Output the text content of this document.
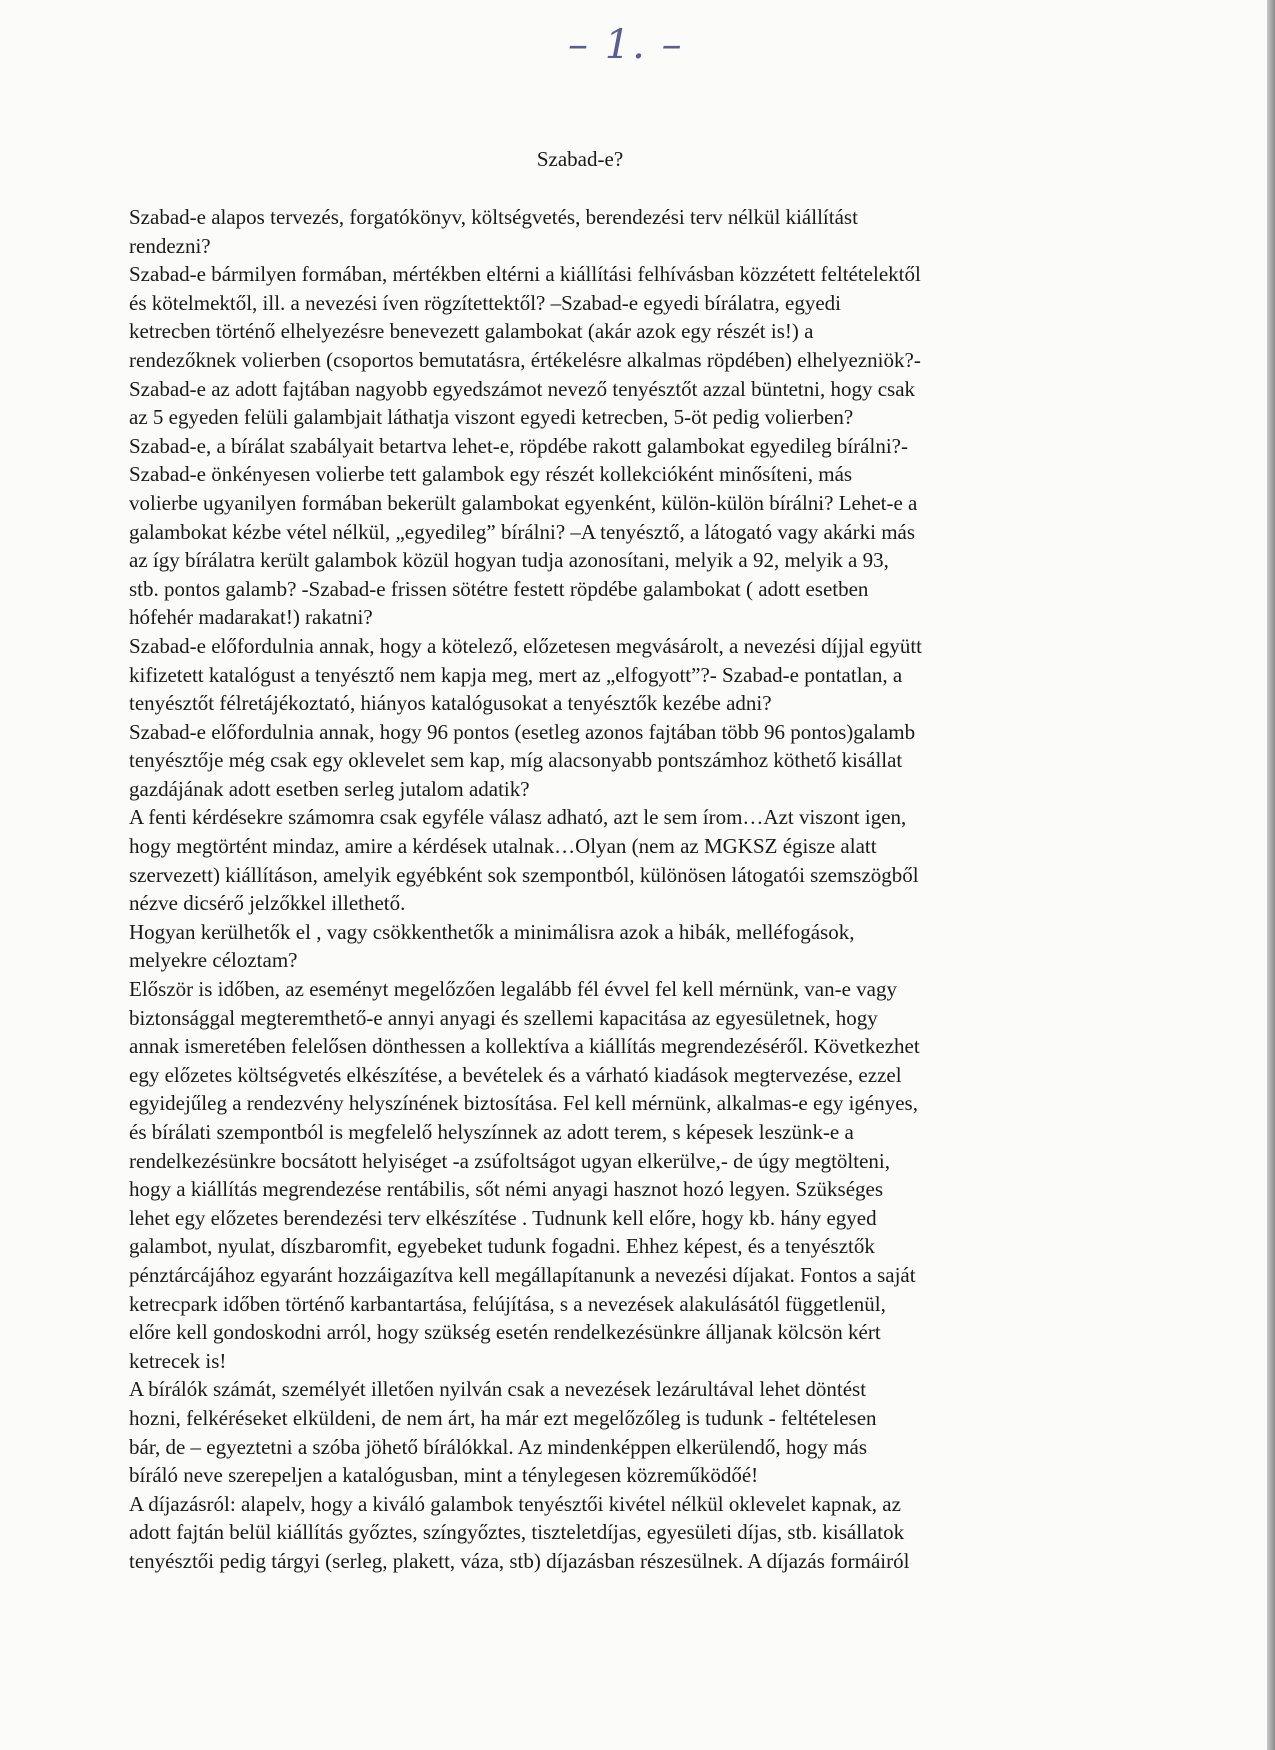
– 1. –
Szabad-e?
Szabad-e alapos tervezés, forgatókönyv, költségvetés, berendezési terv nélkül kiállítást
rendezni?
Szabad-e bármilyen formában, mértékben eltérni a kiállítási felhívásban közzétett feltételektől
és kötelmektől, ill. a nevezési íven rögzítettektől? –Szabad-e egyedi bírálatra, egyedi
ketrecben történő elhelyezésre benevezett galambokat (akár azok egy részét is!) a
rendezőknek volierben (csoportos bemutatásra, értékelésre alkalmas röpdében) elhelyezniök?-
Szabad-e az adott fajtában nagyobb egyedszámot nevező tenyésztőt azzal büntetni, hogy csak
az 5 egyeden felüli galambjait láthatja viszont egyedi ketrecben, 5-öt pedig volierben?
Szabad-e, a bírálat szabályait betartva lehet-e, röpdébe rakott galambokat egyedileg bírálni?-
Szabad-e önkényesen volierbe tett galambok egy részét kollekcióként minősíteni, más
volierbe ugyanilyen formában bekerült galambokat egyenként, külön-külön bírálni? Lehet-e a
galambokat kézbe vétel nélkül, „egyedileg” bírálni? –A tenyésztő, a látogató vagy akárki más
az így bírálatra került galambok közül hogyan tudja azonosítani, melyik a 92, melyik a 93,
stb. pontos galamb? -Szabad-e frissen sötétre festett röpdébe galambokat ( adott esetben
hófehér madarakat!) rakatni?
Szabad-e előfordulnia annak, hogy a kötelező, előzetesen megvásárolt, a nevezési díjjal együtt
kifizetett katalógust a tenyésztő nem kapja meg, mert az „elfogyott”?- Szabad-e pontatlan, a
tenyésztőt félretájékoztató, hiányos katalógusokat a tenyésztők kezébe adni?
Szabad-e előfordulnia annak, hogy 96 pontos (esetleg azonos fajtában több 96 pontos)galamb
tenyésztője még csak egy oklevelet sem kap, míg alacsonyabb pontszámhoz köthető kisállat
gazdájának adott esetben serleg jutalom adatik?
A fenti kérdésekre számomra csak egyféle válasz adható, azt le sem írom…Azt viszont igen,
hogy megtörtént mindaz, amire a kérdések utalnak…Olyan (nem az MGKSZ égisze alatt
szervezett) kiállításon, amelyik egyébként sok szempontból, különösen látogatói szemszögből
nézve dicsérő jelzőkkel illethető.
Hogyan kerülhetők el , vagy csökkenthetők a minimálisra azok a hibák, melléfogások,
melyekre céloztam?
Először is időben, az eseményt megelőzően legalább fél évvel fel kell mérnünk, van-e vagy
biztonsággal megteremthető-e annyi anyagi és szellemi kapacitása az egyesületnek, hogy
annak ismeretében felelősen dönthessen a kollektíva a kiállítás megrendezéséről. Következhet
egy előzetes költségvetés elkészítése, a bevételek és a várható kiadások megtervezése, ezzel
egyidejűleg a rendezvény helyszínének biztosítása. Fel kell mérnünk, alkalmas-e egy igényes,
és bírálati szempontból is megfelelő helyszínnek az adott terem, s képesek leszünk-e a
rendelkezésünkre bocsátott helyiséget -a zsúfoltságot ugyan elkerülve,- de úgy megtölteni,
hogy a kiállítás megrendezése rentábilis, sőt némi anyagi hasznot hozó legyen. Szükséges
lehet egy előzetes berendezési terv elkészítése . Tudnunk kell előre, hogy kb. hány egyed
galambot, nyulat, díszbaromfit, egyebeket tudunk fogadni. Ehhez képest, és a tenyésztők
pénztárcájához egyaránt hozzáigazítva kell megállapítanunk a nevezési díjakat. Fontos a saját
ketrecpark időben történő karbantartása, felújítása, s a nevezések alakulásától függetlenül,
előre kell gondoskodni arról, hogy szükség esetén rendelkezésünkre álljanak kölcsön kért
ketrecek is!
A bírálók számát, személyét illetően nyilván csak a nevezések lezárultával lehet döntést
hozni, felkéréseket elküldeni, de nem árt, ha már ezt megelőzőleg is tudunk - feltételesen
bár, de – egyeztetni a szóba jöhető bírálókkal. Az mindenképpen elkerülendő, hogy más
bíráló neve szerepeljen a katalógusban, mint a ténylegesen közreműködőé!
A díjazásról: alapelv, hogy a kiváló galambok tenyésztői kivétel nélkül oklevelet kapnak, az
adott fajtán belül kiállítás győztes, színgyőztes, tiszteletdíjas, egyesületi díjas, stb. kisállatok
tenyésztői pedig tárgyi (serleg, plakett, váza, stb) díjazásban részesülnek. A díjazás formáiról
